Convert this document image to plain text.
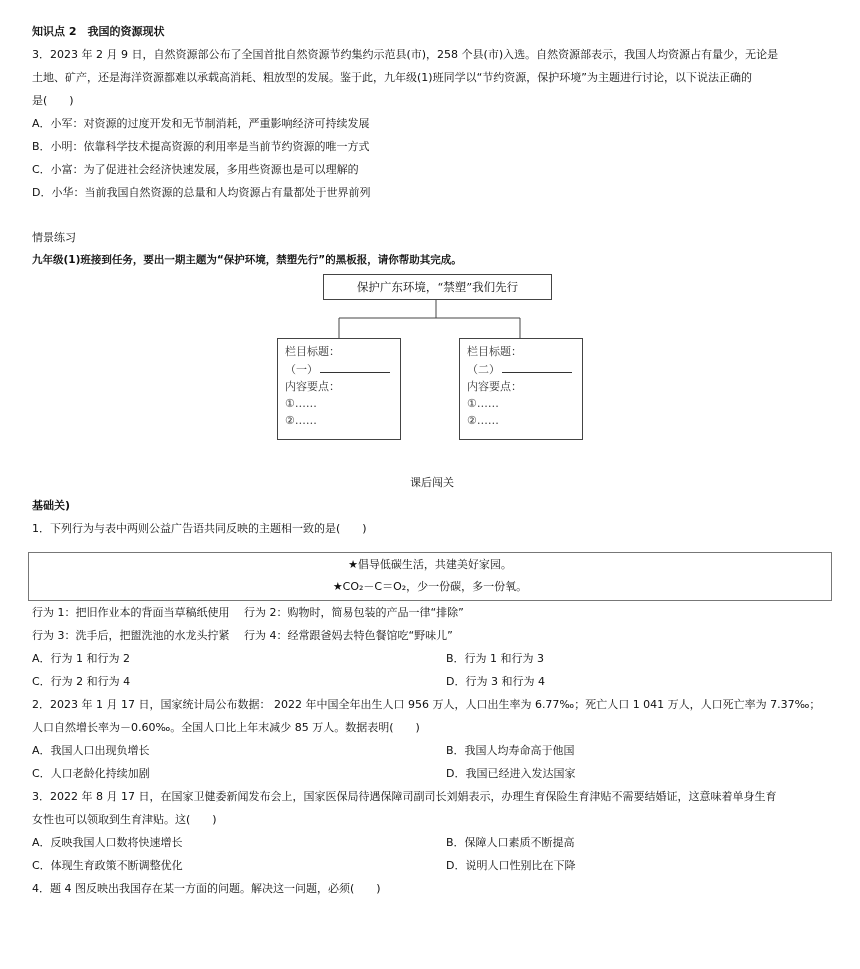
知识点 2　我国的资源现状
3．2023 年 2 月 9 日，自然资源部公布了全国首批自然资源节约集约示范县(市)，258 个县(市)入选。自然资源部表示，我国人均资源占有量少，无论是
土地、矿产，还是海洋资源都难以承载高消耗、粗放型的发展。鉴于此，九年级(1)班同学以“节约资源，保护环境”为主题进行讨论，以下说法正确的
是(　　)
A．小军：对资源的过度开发和无节制消耗，严重影响经济可持续发展
B．小明：依靠科学技术提高资源的利用率是当前节约资源的唯一方式
C．小富：为了促进社会经济快速发展，多用些资源也是可以理解的
D．小华：当前我国自然资源的总量和人均资源占有量都处于世界前列
情景练习
九年级(1)班接到任务，要出一期主题为“保护环境，禁塑先行”的黑板报，请你帮助其完成。
保护广东环境，“禁塑”我们先行
栏目标题：
（一）
内容要点：
①……
②……
栏目标题：
（二）
内容要点：
①……
②……
课后闯关
基础关)
1．下列行为与表中两则公益广告语共同反映的主题相一致的是(　　)
★倡导低碳生活，共建美好家园。
★CO₂－C＝O₂，少一份碳，多一份氧。
行为 1：把旧作业本的背面当草稿纸使用　 行为 2：购物时，简易包装的产品一律“排除”
行为 3：洗手后，把盥洗池的水龙头拧紧　 行为 4：经常跟爸妈去特色餐馆吃“野味儿”
A．行为 1 和行为 2	B．行为 1 和行为 3
C．行为 2 和行为 4	D．行为 3 和行为 4
2．2023 年 1 月 17 日，国家统计局公布数据： 2022 年中国全年出生人口 956 万人，人口出生率为 6.77‰；死亡人口 1 041 万人，人口死亡率为 7.37‰；
人口自然增长率为－0.60‰。全国人口比上年末减少 85 万人。数据表明(　　)
A．我国人口出现负增长	B．我国人均寿命高于他国
C．人口老龄化持续加剧	D．我国已经进入发达国家
3．2022 年 8 月 17 日，在国家卫健委新闻发布会上，国家医保局待遇保障司副司长刘娟表示，办理生育保险生育津贴不需要结婚证，这意味着单身生育
女性也可以领取到生育津贴。这(　　)
A．反映我国人口数将快速增长	B．保障人口素质不断提高
C．体现生育政策不断调整优化	D．说明人口性别比在下降
4．题 4 图反映出我国存在某一方面的问题。解决这一问题，必须(　　)
